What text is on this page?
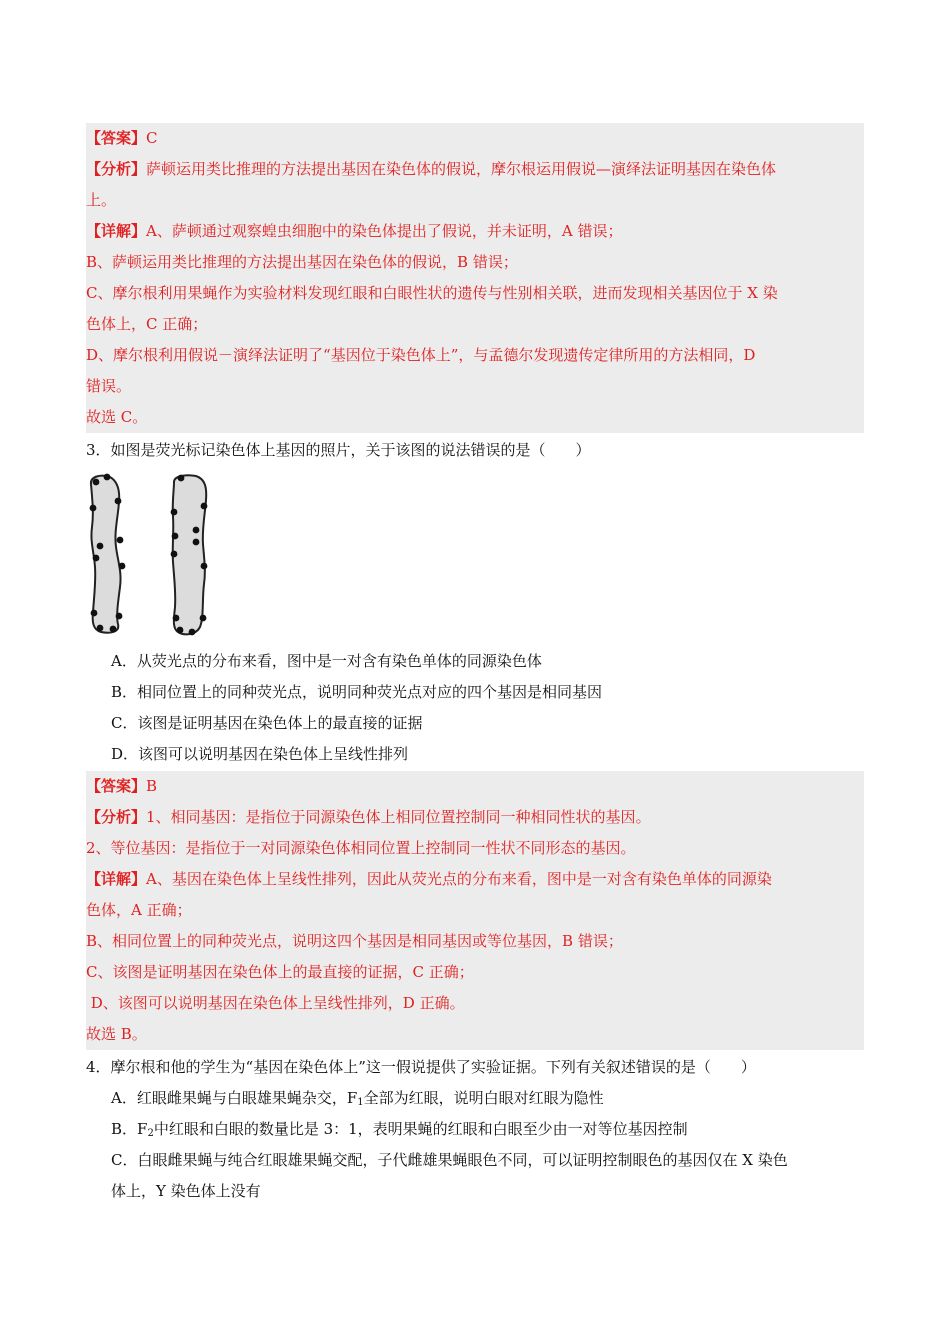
【答案】C
【分析】萨顿运用类比推理的方法提出基因在染色体的假说，摩尔根运用假说—演绎法证明基因在染色体
上。
【详解】A、萨顿通过观察蝗虫细胞中的染色体提出了假说，并未证明，A 错误；
B、萨顿运用类比推理的方法提出基因在染色体的假说，B 错误；
C、摩尔根利用果蝇作为实验材料发现红眼和白眼性状的遗传与性别相关联，进而发现相关基因位于 X 染
色体上，C 正确；
D、摩尔根利用假说－演绎法证明了“基因位于染色体上”，与孟德尔发现遗传定律所用的方法相同，D
错误。
故选 C。
3．如图是荧光标记染色体上基因的照片，关于该图的说法错误的是（　　）
A．从荧光点的分布来看，图中是一对含有染色单体的同源染色体
B．相同位置上的同种荧光点，说明同种荧光点对应的四个基因是相同基因
C．该图是证明基因在染色体上的最直接的证据
D．该图可以说明基因在染色体上呈线性排列
【答案】B
【分析】1、相同基因：是指位于同源染色体上相同位置控制同一种相同性状的基因。
2、等位基因：是指位于一对同源染色体相同位置上控制同一性状不同形态的基因。
【详解】A、基因在染色体上呈线性排列，因此从荧光点的分布来看，图中是一对含有染色单体的同源染
色体，A 正确；
B、相同位置上的同种荧光点，说明这四个基因是相同基因或等位基因，B 错误；
C、该图是证明基因在染色体上的最直接的证据，C 正确；
D、该图可以说明基因在染色体上呈线性排列，D 正确。
故选 B。
4．摩尔根和他的学生为“基因在染色体上”这一假说提供了实验证据。下列有关叙述错误的是（　　）
A．红眼雌果蝇与白眼雄果蝇杂交，$F_1$全部为红眼，说明白眼对红眼为隐性
B．$F_2$中红眼和白眼的数量比是 3：1，表明果蝇的红眼和白眼至少由一对等位基因控制
C．白眼雌果蝇与纯合红眼雄果蝇交配，子代雌雄果蝇眼色不同，可以证明控制眼色的基因仅在 X 染色
体上，Y 染色体上没有
